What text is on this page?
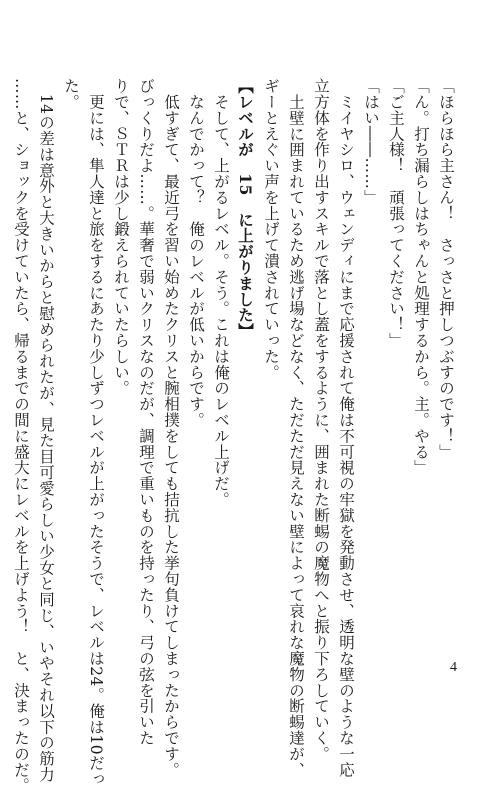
「ほらほら主さん！　さっさと押しつぶすのです！」
「ん。打ち漏らしはちゃんと処理するから。主。やる」
「ご主人様！　頑張ってください！」
「はい――……」
　ミイヤシロ、ウェンディにまで応援されて俺は不可視の牢獄を発動させ、透明な壁のような一応
立方体を作り出すスキルで落とし蓋をするように、囲まれた断蜴の魔物へと振り下ろしていく。
　土壁に囲まれているため逃げ場などなく、ただただ見えない壁によって哀れな魔物の断蜴達が、
ギーとえぐい声を上げて潰されていった。
【レベルが　15　に上がりました】
　そして、上がるレベル。そう。これは俺のレベル上げだ。
　なんでかって？　俺のレベルが低いからです。
　低すぎて、最近弓を習い始めたクリスと腕相撲をしても拮抗した挙句負けてしまったからです。
びっくりだよ……。華奢で弱いクリスなのだが、調理で重いものを持ったり、弓の弦を引いた
りで、ＳＴＲは少し鍛えられていたらしい。
　更には、隼人達と旅をするにあたり少しずつレベルが上がったそうで、レベルは24。俺は10だっ
た。
　14の差は意外と大きいからと慰められたが、見た目可愛らしい少女と同じ、いやそれ以下の筋力
……と、ショックを受けていたら、帰るまでの間に盛大にレベルを上げよう！　と、決まったのだ。	4
